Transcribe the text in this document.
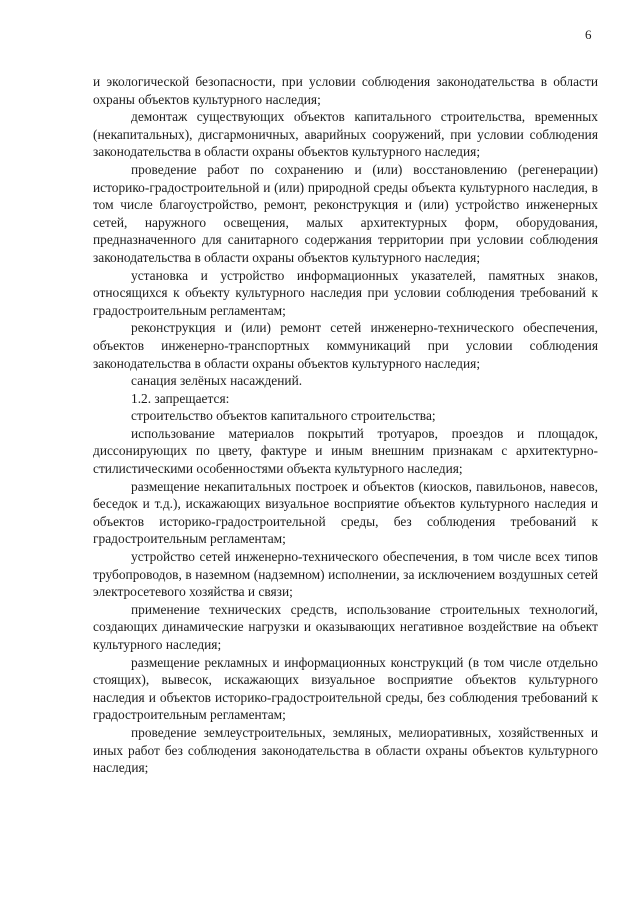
6

и экологической безопасности, при условии соблюдения законодательства в области охраны объектов культурного наследия;

демонтаж существующих объектов капитального строительства, временных (некапитальных), дисгармоничных, аварийных сооружений, при условии соблюдения законодательства в области охраны объектов культурного наследия;

проведение работ по сохранению и (или) восстановлению (регенерации) историко-градостроительной и (или) природной среды объекта культурного наследия, в том числе благоустройство, ремонт, реконструкция и (или) устройство инженерных сетей, наружного освещения, малых архитектурных форм, оборудования, предназначенного для санитарного содержания территории при условии соблюдения законодательства в области охраны объектов культурного наследия;

установка и устройство информационных указателей, памятных знаков, относящихся к объекту культурного наследия при условии соблюдения требований к градостроительным регламентам;

реконструкция и (или) ремонт сетей инженерно-технического обеспечения, объектов инженерно-транспортных коммуникаций при условии соблюдения законодательства в области охраны объектов культурного наследия;

санация зелёных насаждений.

1.2. запрещается:

строительство объектов капитального строительства;

использование материалов покрытий тротуаров, проездов и площадок, диссонирующих по цвету, фактуре и иным внешним признакам с архитектурно-стилистическими особенностями объекта культурного наследия;

размещение некапитальных построек и объектов (киосков, павильонов, навесов, беседок и т.д.), искажающих визуальное восприятие объектов культурного наследия и объектов историко-градостроительной среды, без соблюдения требований к градостроительным регламентам;

устройство сетей инженерно-технического обеспечения, в том числе всех типов трубопроводов, в наземном (надземном) исполнении, за исключением воздушных сетей электросетевого хозяйства и связи;

применение технических средств, использование строительных технологий, создающих динамические нагрузки и оказывающих негативное воздействие на объект культурного наследия;

размещение рекламных и информационных конструкций (в том числе отдельно стоящих), вывесок, искажающих визуальное восприятие объектов культурного наследия и объектов историко-градостроительной среды, без соблюдения требований к градостроительным регламентам;

проведение землеустроительных, земляных, мелиоративных, хозяйственных и иных работ без соблюдения законодательства в области охраны объектов культурного наследия;
